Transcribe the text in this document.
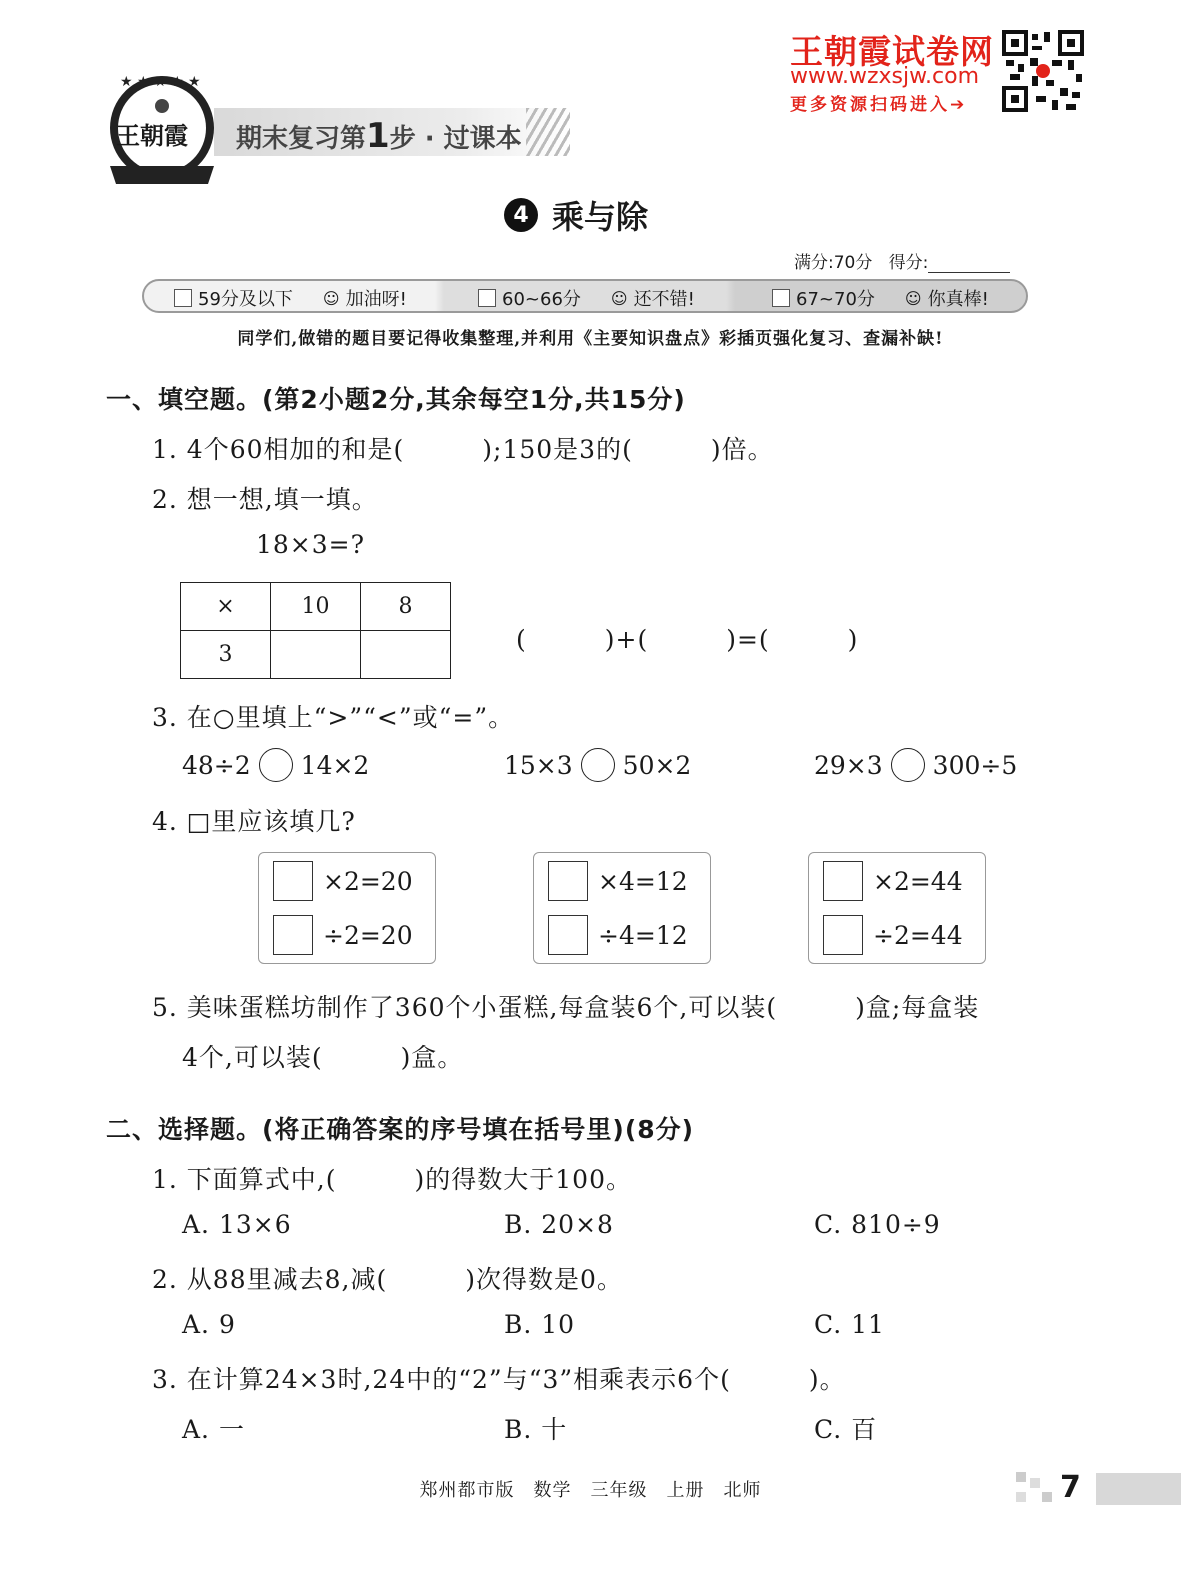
★ ★ ★ ★ ★
王朝霞 期末复习第1步 · 过课本
王朝霞试卷网
www.wzxsjw.com
更多资源扫码进入➔
4 乘与除
满分:70分 得分:
59分及以下 ☺ 加油呀!	60~66分 ☺ 还不错!	67~70分 ☺ 你真棒!
同学们,做错的题目要记得收集整理,并利用《主要知识盘点》彩插页强化复习、查漏补缺!
一、填空题。(第2小题2分,其余每空1分,共15分)
1. 4个60相加的和是(　　　);150是3的(　　　)倍。
2. 想一想,填一填。
18×3=?
×	10	8
3		
(　　　)+(　　　)=(　　　)
3. 在○里填上“>”“<”或“=”。
48÷2 14×2	15×3 50×2	29×3 300÷5
4. □里应该填几?
×2=20
÷2=20
×4=12
÷4=12
×2=44
÷2=44
5. 美味蛋糕坊制作了360个小蛋糕,每盒装6个,可以装(　　　)盒;每盒装
4个,可以装(　　　)盒。
二、选择题。(将正确答案的序号填在括号里)(8分)
1. 下面算式中,(　　　)的得数大于100。
A. 13×6	B. 20×8	C. 810÷9
2. 从88里减去8,减(　　　)次得数是0。
A. 9	B. 10	C. 11
3. 在计算24×3时,24中的“2”与“3”相乘表示6个(　　　)。
A. 一	B. 十	C. 百
郑州都市版　数学　三年级　上册　北师	7
